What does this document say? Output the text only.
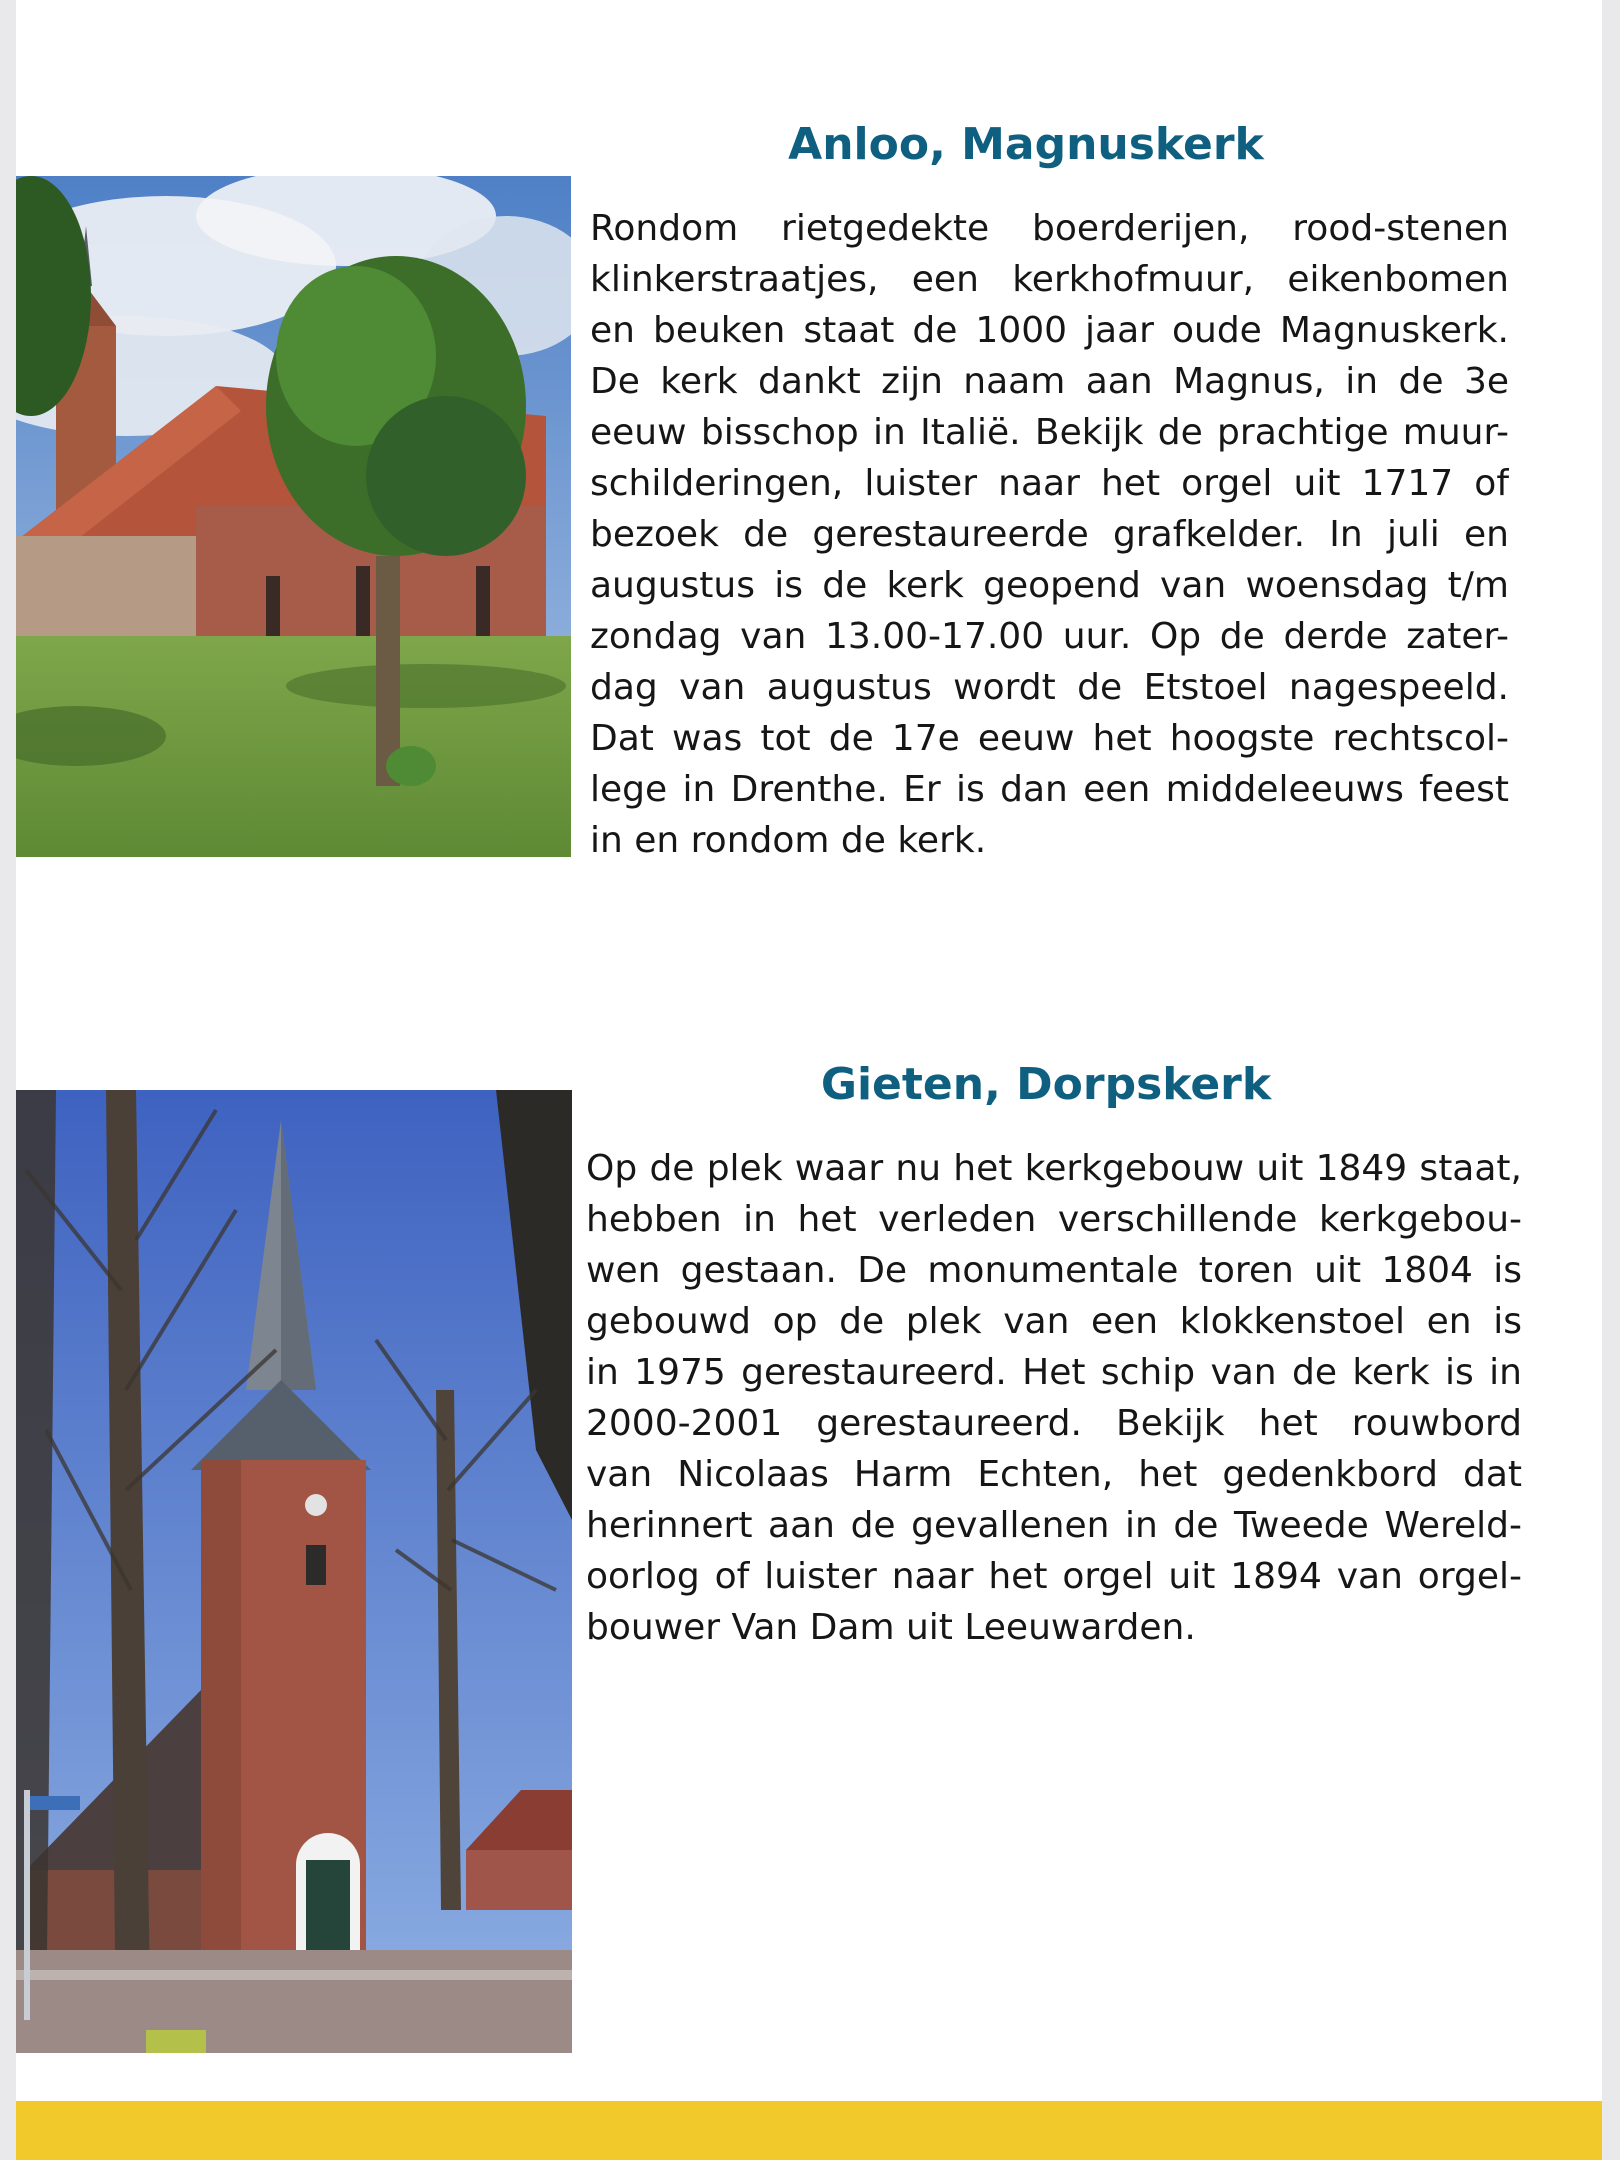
Anloo, Magnuskerk
Rondom rietgedekte boerderijen, rood-stenen
klinkerstraatjes, een kerkhofmuur, eikenbomen
en beuken staat de 1000 jaar oude Magnuskerk.
De kerk dankt zijn naam aan Magnus, in de 3e
eeuw bisschop in Italië. Bekijk de prachtige muur-
schilderingen, luister naar het orgel uit 1717 of
bezoek de gerestaureerde grafkelder. In juli en
augustus is de kerk geopend van woensdag t/m
zondag van 13.00-17.00 uur. Op de derde zater-
dag van augustus wordt de Etstoel nagespeeld.
Dat was tot de 17e eeuw het hoogste rechtscol-
lege in Drenthe. Er is dan een middeleeuws feest
in en rondom de kerk.
Gieten, Dorpskerk
Op de plek waar nu het kerkgebouw uit 1849 staat,
hebben in het verleden verschillende kerkgebou-
wen gestaan. De monumentale toren uit 1804 is
gebouwd op de plek van een klokkenstoel en is
in 1975 gerestaureerd. Het schip van de kerk is in
2000-2001 gerestaureerd. Bekijk het rouwbord
van Nicolaas Harm Echten, het gedenkbord dat
herinnert aan de gevallenen in de Tweede Wereld-
oorlog of luister naar het orgel uit 1894 van orgel-
bouwer Van Dam uit Leeuwarden.
